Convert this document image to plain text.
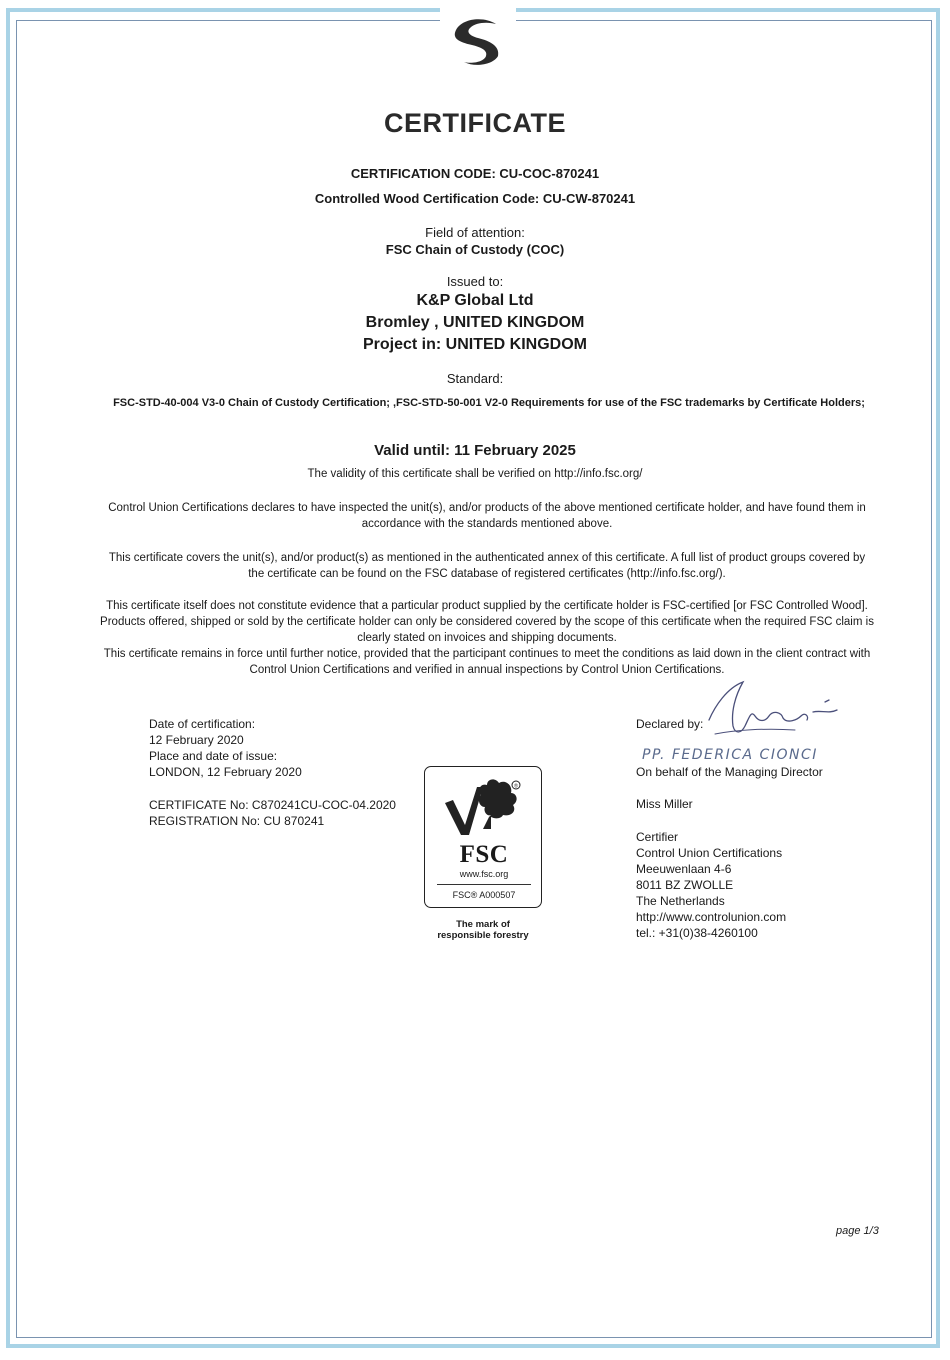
CERTIFICATE
CERTIFICATION CODE: CU-COC-870241
Controlled Wood Certification Code: CU-CW-870241
Field of attention:
FSC Chain of Custody (COC)
Issued to:
K&P Global Ltd
Bromley , UNITED KINGDOM
Project in: UNITED KINGDOM
Standard:
FSC-STD-40-004 V3-0 Chain of Custody Certification; ,FSC-STD-50-001 V2-0 Requirements for use of the FSC trademarks by Certificate Holders;
Valid until: 11 February 2025
The validity of this certificate shall be verified on http://info.fsc.org/
Control Union Certifications declares to have inspected the unit(s), and/or products of the above mentioned certificate holder, and have found them in accordance with the standards mentioned above.
This certificate covers the unit(s), and/or product(s) as mentioned in the authenticated annex of this certificate. A full list of product groups covered by the certificate can be found on the FSC database of registered certificates (http://info.fsc.org/).
This certificate itself does not constitute evidence that a particular product supplied by the certificate holder is FSC-certified [or FSC Controlled Wood]. Products offered, shipped or sold by the certificate holder can only be considered covered by the scope of this certificate when the required FSC claim is clearly stated on invoices and shipping documents.
This certificate remains in force until further notice, provided that the participant continues to meet the conditions as laid down in the client contract with Control Union Certifications and verified in annual inspections by Control Union Certifications.
Date of certification:
12 February 2020
Place and date of issue:
LONDON, 12 February 2020
CERTIFICATE No: C870241CU-COC-04.2020
REGISTRATION No: CU 870241
®
FSC
www.fsc.org
FSC® A000507
The mark of
responsible forestry
Declared by:
PP. FEDERICA CIONCI
On behalf of the Managing Director
Miss Miller
Certifier
Control Union Certifications
Meeuwenlaan 4-6
8011 BZ ZWOLLE
The Netherlands
http://www.controlunion.com
tel.: +31(0)38-4260100
page 1/3
